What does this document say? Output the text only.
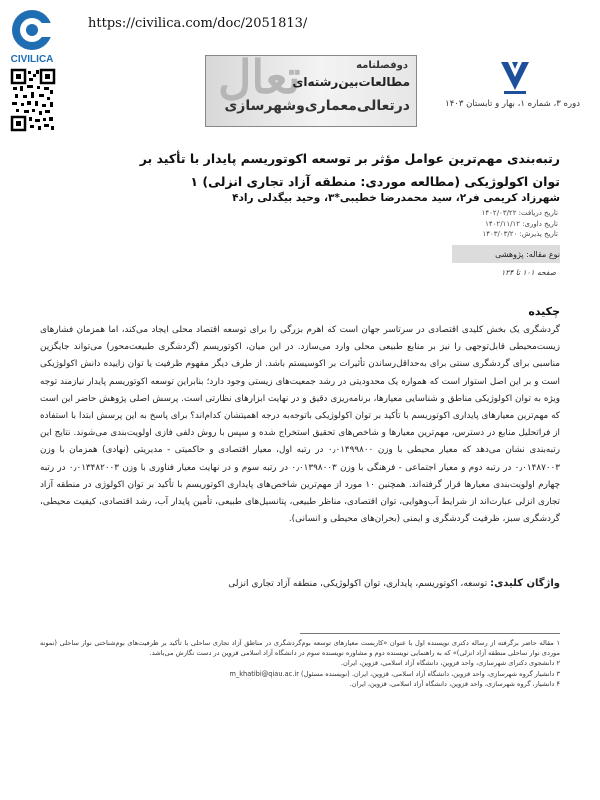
CIVILICA
https://civilica.com/doc/2051813/
تعال	دوفصلنامه
مطالعات‌بین‌رشته‌ای
در‌تعالی‌معماری‌و‌شهرسازی	دوره ۳، شماره ۱، بهار و تابستان ۱۴۰۳
رتبه‌بندی مهم‌ترین عوامل مؤثر بر توسعه اکوتوریسم پایدار با تأکید بر
توان اکولوژیکی (مطالعه موردی: منطقه آزاد تجاری انزلی) ۱
شهرزاد کریمی فر۲، سید محمدرضا خطیبی*۳، وحید بیگدلی راد۴
تاریخ دریافت: ۱۴۰۲/۰۳/۲۲
تاریخ داوری: ۱۴۰۲/۱۱/۱۲
تاریخ پذیرش: ۱۴۰۳/۰۳/۲۰
نوع مقاله: پژوهشی
صفحه ۱۰۱ تا ۱۲۴
چکیده
گردشگری یک بخش کلیدی اقتصادی در سرتاسر جهان است که اهرم بزرگی را برای توسعه اقتصاد محلی ایجاد می‌کند، اما همزمان فشارهای زیست‌محیطی قابل‌توجهی را نیز بر منابع طبیعی محلی وارد می‌سازد. در این میان، اکوتوریسم (گردشگری طبیعت‌محور) می‌تواند جایگزین مناسبی برای گردشگری سنتی برای به‌حداقل‌رساندن تأثیرات بر اکوسیستم باشد. از طرف دیگر مفهوم ظرفیت یا توان زاییده دانش اکولوژیکی است و بر این اصل استوار است که همواره یک محدودیتی در رشد جمعیت‌های زیستی وجود دارد؛ بنابراین توسعه اکوتوریسم پایدار نیازمند توجه ویژه به توان اکولوژیکی مناطق و شناسایی معیارها، برنامه‌ریزی دقیق و در نهایت ابزارهای نظارتی است. پرسش اصلی پژوهش حاضر این است که مهم‌ترین معیارهای پایداری اکوتوریسم با تأکید بر توان اکولوژیکی باتوجه‌به درجه اهمیتشان کدام‌اند؟ برای پاسخ به این پرسش ابتدا با استفاده از فراتحلیل منابع در دسترس، مهم‌ترین معیارها و شاخص‌های تحقیق استخراج شده و سپس با روش دلفی فازی اولویت‌بندی می‌شوند. نتایج این رتبه‌بندی نشان می‌دهد که معیار محیطی با وزن ۰٫۰۱۴۹۹۸۰۰ در رتبه اول، معیار اقتصادی و حاکمیتی - مدیریتی (نهادی) همزمان با وزن ۰٫۰۱۴۸۷۰۰۳ در رتبه دوم و معیار اجتماعی - فرهنگی با وزن ۰٫۰۱۳۹۸۰۰۳ در رتبه سوم و در نهایت معیار فناوری با وزن ۰٫۰۱۳۴۸۲۰۰۳ در رتبه چهارم اولویت‌بندی معیارها قرار گرفته‌اند. همچنین ۱۰ مورد از مهم‌ترین شاخص‌های پایداری اکوتوریسم با تأکید بر توان اکولوژی در منطقه آزاد تجاری انزلی عبارت‌اند از شرایط آب‌وهوایی، توان اقتصادی، مناظر طبیعی، پتانسیل‌های طبیعی، تأمین پایدار آب، رشد اقتصادی، کیفیت محیطی، گردشگری سبز، ظرفیت گردشگری و ایمنی (بحران‌های محیطی و انسانی).
واژگان کلیدی: توسعه، اکوتوریسم، پایداری، توان اکولوژیکی، منطقه آزاد تجاری انزلی
۱ مقاله حاضر برگرفته از رساله دکتری نویسنده اول با عنوان «کاربست معیارهای توسعه بوم‌گردشگری در مناطق آزاد تجاری ساحلی با تأکید بر ظرفیت‌های بوم‌شناختی نوار ساحلی (نمونه موردی نوار ساحلی منطقه آزاد انزلی)» که به راهنمایی نویسنده دوم و مشاوره نویسنده سوم در دانشگاه آزاد اسلامی قزوین در دست نگارش می‌باشد.
۲ دانشجوی دکترای شهرسازی، واحد قزوین، دانشگاه آزاد اسلامی، قزوین، ایران.
۳ دانشیار گروه شهرسازی، واحد قزوین، دانشگاه آزاد اسلامی، قزوین، ایران. (نویسنده مسئول) m_khatibi@qiau.ac.ir
۴ دانشیار، گروه شهرسازی، واحد قزوین، دانشگاه آزاد اسلامی، قزوین، ایران.
